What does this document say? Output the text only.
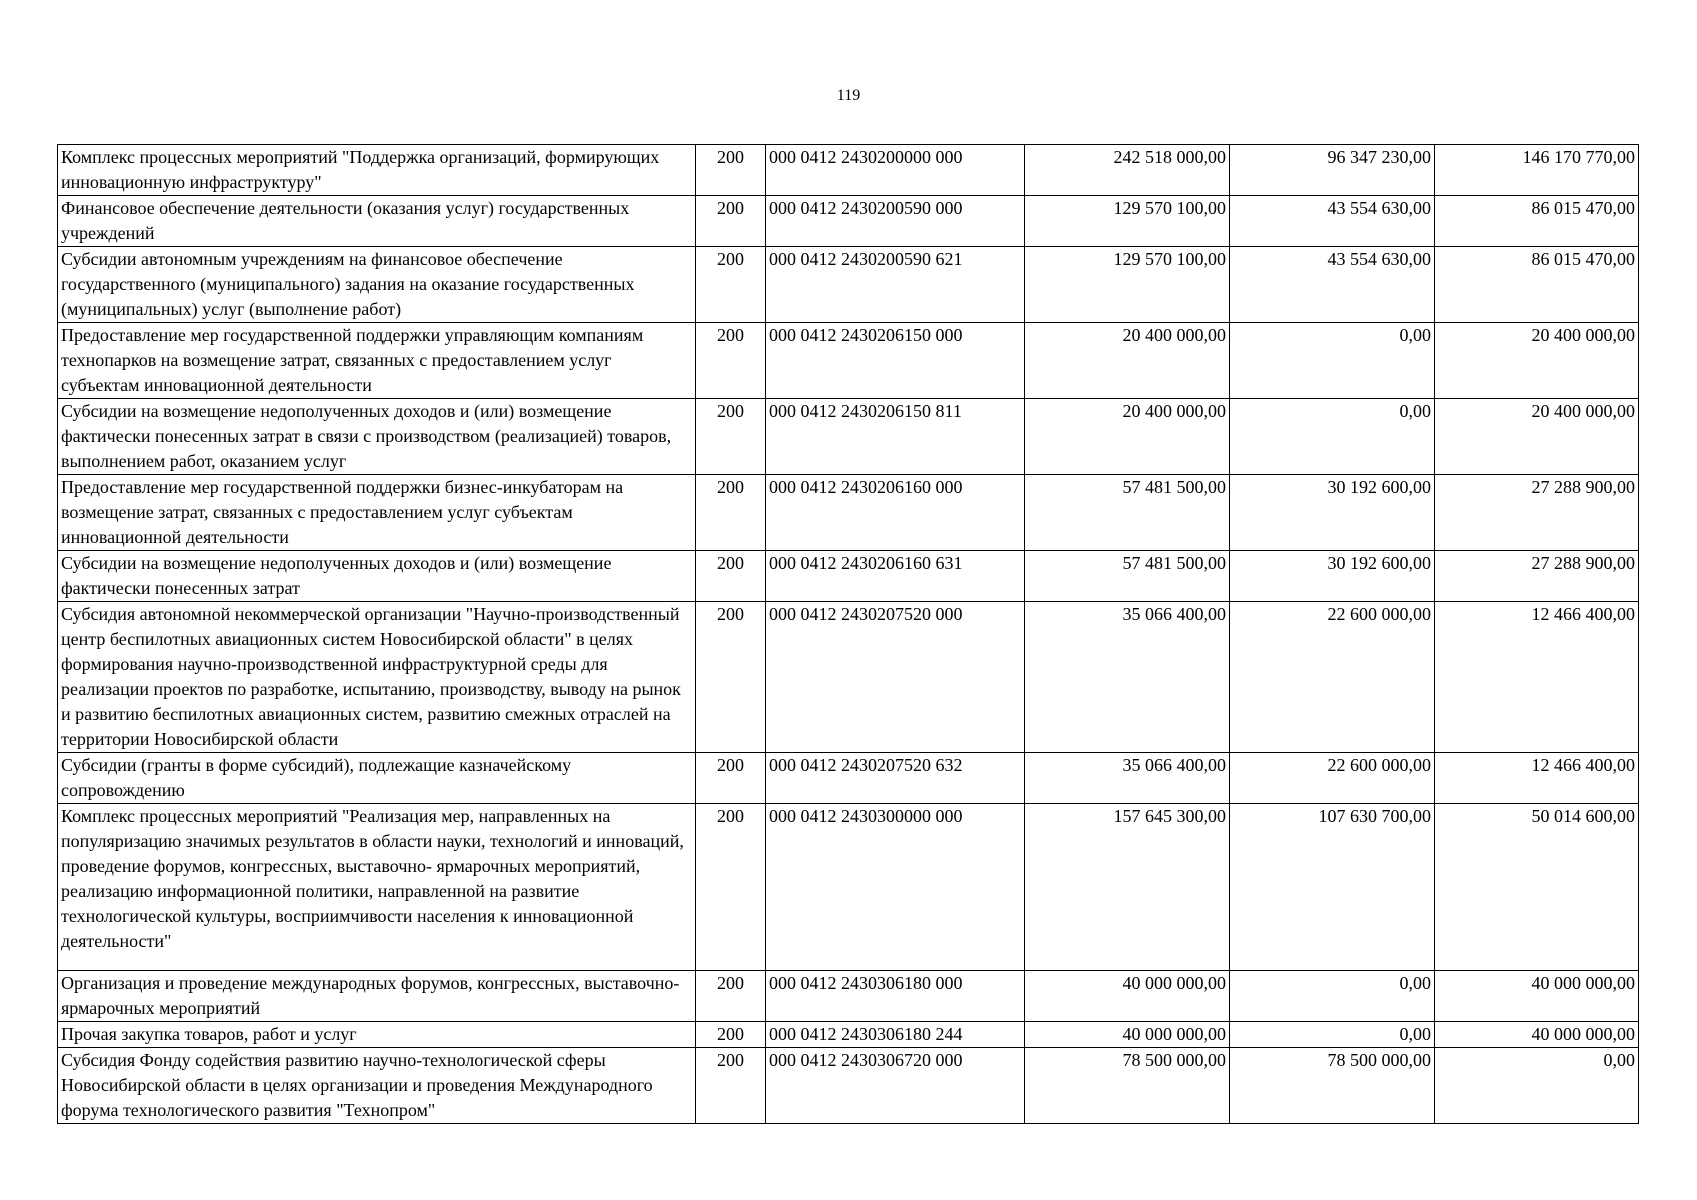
119
Комплекс процессных мероприятий "Поддержка организаций, формирующих инновационную инфраструктуру"	200	000 0412 2430200000 000	242 518 000,00	96 347 230,00	146 170 770,00
Финансовое обеспечение деятельности (оказания услуг) государственных учреждений	200	000 0412 2430200590 000	129 570 100,00	43 554 630,00	86 015 470,00
Субсидии автономным учреждениям на финансовое обеспечение государственного (муниципального) задания на оказание государственных (муниципальных) услуг (выполнение работ)	200	000 0412 2430200590 621	129 570 100,00	43 554 630,00	86 015 470,00
Предоставление мер государственной поддержки управляющим компаниям технопарков на возмещение затрат, связанных с предоставлением услуг субъектам инновационной деятельности	200	000 0412 2430206150 000	20 400 000,00	0,00	20 400 000,00
Субсидии на возмещение недополученных доходов и (или) возмещение фактически понесенных затрат в связи с производством (реализацией) товаров, выполнением работ, оказанием услуг	200	000 0412 2430206150 811	20 400 000,00	0,00	20 400 000,00
Предоставление мер государственной поддержки бизнес-инкубаторам на возмещение затрат, связанных с предоставлением услуг субъектам инновационной деятельности	200	000 0412 2430206160 000	57 481 500,00	30 192 600,00	27 288 900,00
Субсидии на возмещение недополученных доходов и (или) возмещение фактически понесенных затрат	200	000 0412 2430206160 631	57 481 500,00	30 192 600,00	27 288 900,00
Субсидия автономной некоммерческой организации "Научно-производственный центр беспилотных авиационных систем Новосибирской области" в целях формирования научно-производственной инфраструктурной среды для реализации проектов по разработке, испытанию, производству, выводу на рынок и развитию беспилотных авиационных систем, развитию смежных отраслей на территории Новосибирской области	200	000 0412 2430207520 000	35 066 400,00	22 600 000,00	12 466 400,00
Субсидии (гранты в форме субсидий), подлежащие казначейскому сопровождению	200	000 0412 2430207520 632	35 066 400,00	22 600 000,00	12 466 400,00
Комплекс процессных мероприятий "Реализация мер, направленных на популяризацию значимых результатов в области науки, технологий и инноваций, проведение форумов, конгрессных, выставочно- ярмарочных мероприятий, реализацию информационной политики, направленной на развитие технологической культуры, восприимчивости населения к инновационной деятельности"	200	000 0412 2430300000 000	157 645 300,00	107 630 700,00	50 014 600,00
Организация и проведение международных форумов, конгрессных, выставочно-ярмарочных мероприятий	200	000 0412 2430306180 000	40 000 000,00	0,00	40 000 000,00
Прочая закупка товаров, работ и услуг	200	000 0412 2430306180 244	40 000 000,00	0,00	40 000 000,00
Субсидия Фонду содействия развитию научно-технологической сферы Новосибирской области в целях организации и проведения Международного форума технологического развития "Технопром"	200	000 0412 2430306720 000	78 500 000,00	78 500 000,00	0,00
